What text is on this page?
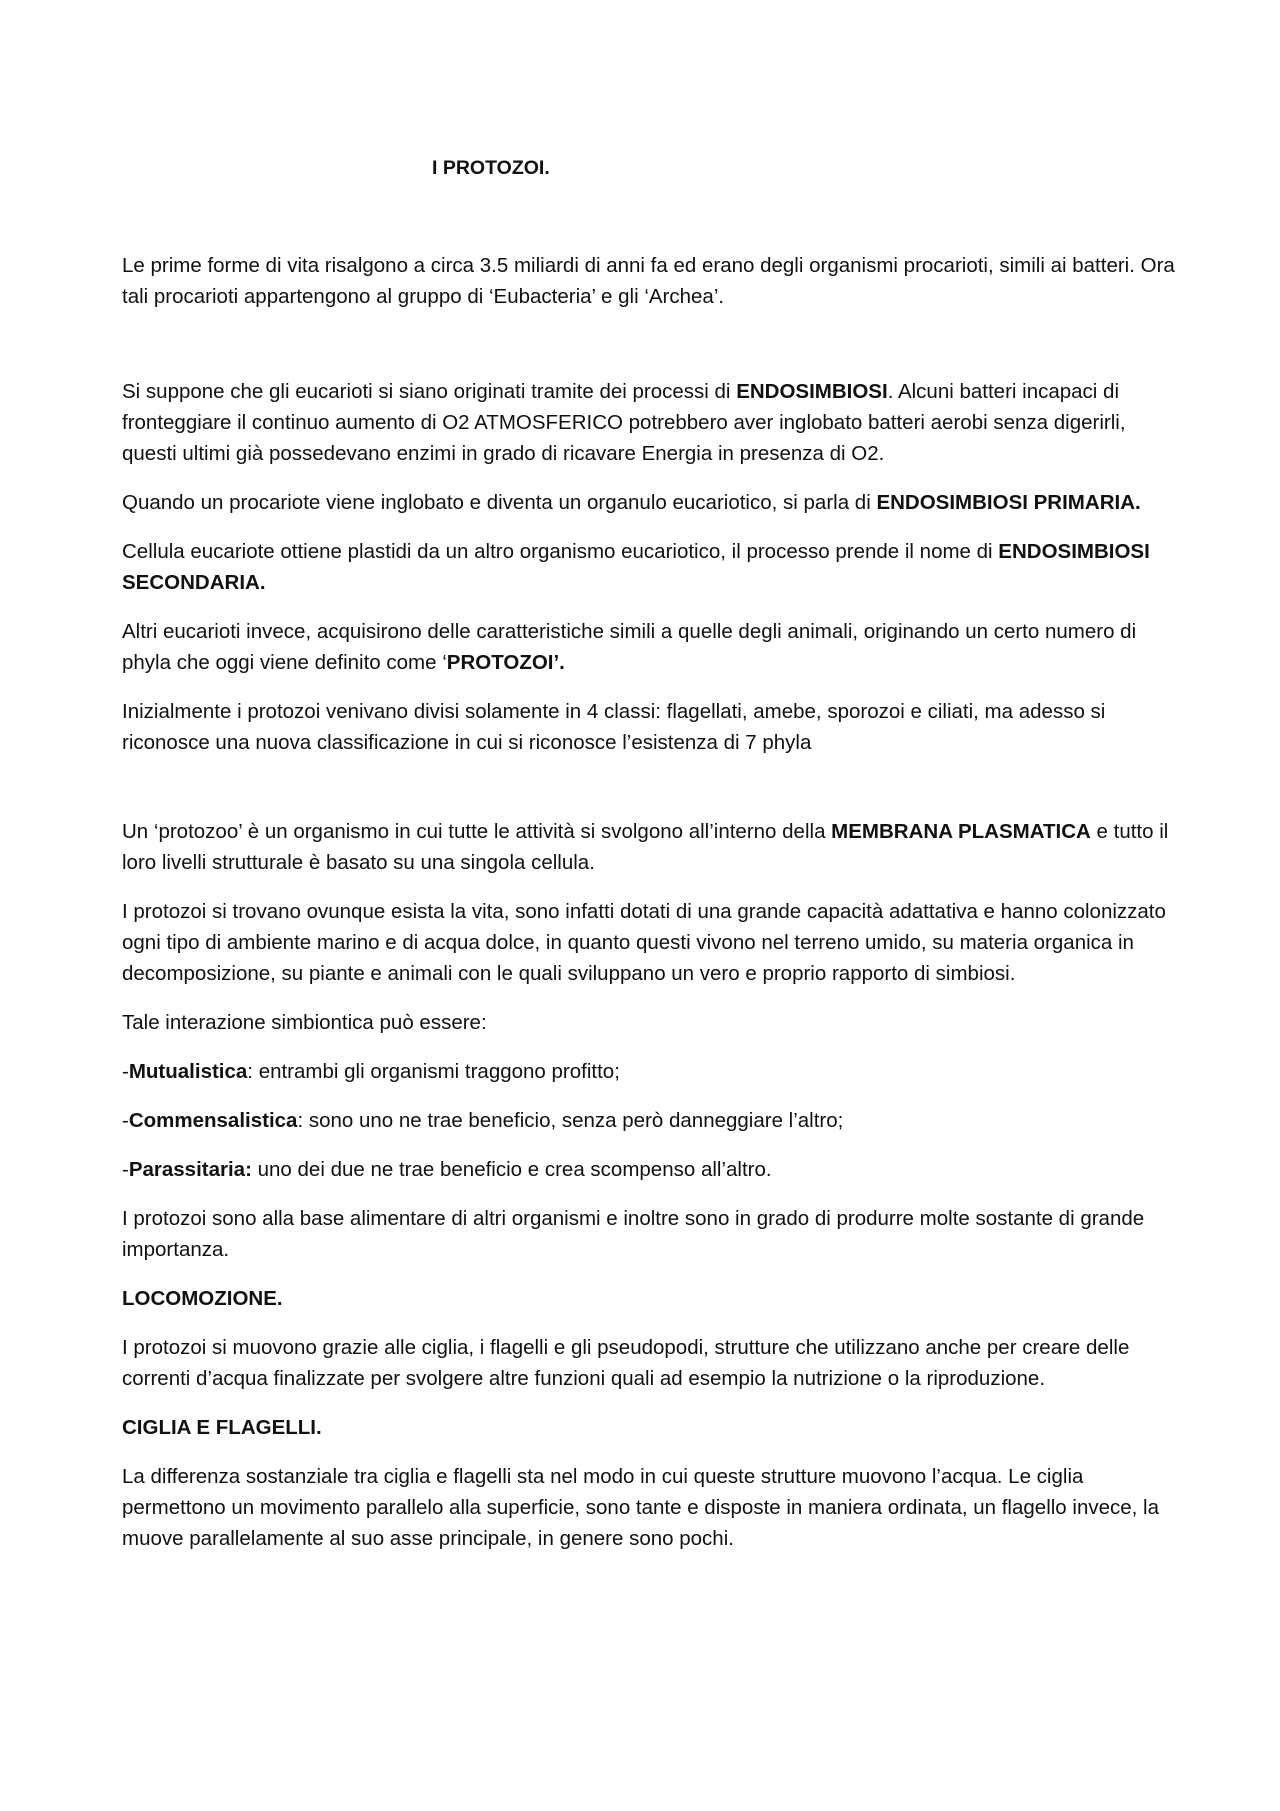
I PROTOZOI.

Le prime forme di vita risalgono a circa 3.5 miliardi di anni fa ed erano degli organismi procarioti, simili ai batteri. Ora tali procarioti appartengono al gruppo di ‘Eubacteria’ e gli ‘Archea’.

Si suppone che gli eucarioti si siano originati tramite dei processi di ENDOSIMBIOSI. Alcuni batteri incapaci di fronteggiare il continuo aumento di O2 ATMOSFERICO potrebbero aver inglobato batteri aerobi senza digerirli, questi ultimi già possedevano enzimi in grado di ricavare Energia in presenza di O2.

Quando un procariote viene inglobato e diventa un organulo eucariotico, si parla di ENDOSIMBIOSI PRIMARIA.

Cellula eucariote ottiene plastidi da un altro organismo eucariotico, il processo prende il nome di ENDOSIMBIOSI SECONDARIA.

Altri eucarioti invece, acquisirono delle caratteristiche simili a quelle degli animali, originando un certo numero di phyla che oggi viene definito come ‘PROTOZOI’.

Inizialmente i protozoi venivano divisi solamente in 4 classi: flagellati, amebe, sporozoi e ciliati, ma adesso si riconosce una nuova classificazione in cui si riconosce l’esistenza di 7 phyla

Un ‘protozoo’ è un organismo in cui tutte le attività si svolgono all’interno della MEMBRANA PLASMATICA e tutto il loro livelli strutturale è basato su una singola cellula.

I protozoi si trovano ovunque esista la vita, sono infatti dotati di una grande capacità adattativa e hanno colonizzato ogni tipo di ambiente marino e di acqua dolce, in quanto questi vivono nel terreno umido, su materia organica in decomposizione, su piante e animali con le quali sviluppano un vero e proprio rapporto di simbiosi.

Tale interazione simbiontica può essere:

-Mutualistica: entrambi gli organismi traggono profitto;

-Commensalistica: sono uno ne trae beneficio, senza però danneggiare l’altro;

-Parassitaria: uno dei due ne trae beneficio e crea scompenso all’altro.

I protozoi sono alla base alimentare di altri organismi e inoltre sono in grado di produrre molte sostante di grande importanza.

LOCOMOZIONE.

I protozoi si muovono grazie alle ciglia, i flagelli e gli pseudopodi, strutture che utilizzano anche per creare delle correnti d’acqua finalizzate per svolgere altre funzioni quali ad esempio la nutrizione o la riproduzione.

CIGLIA E FLAGELLI.

La differenza sostanziale tra ciglia e flagelli sta nel modo in cui queste strutture muovono l’acqua. Le ciglia permettono un movimento parallelo alla superficie, sono tante e disposte in maniera ordinata, un flagello invece, la muove parallelamente al suo asse principale, in genere sono pochi.
